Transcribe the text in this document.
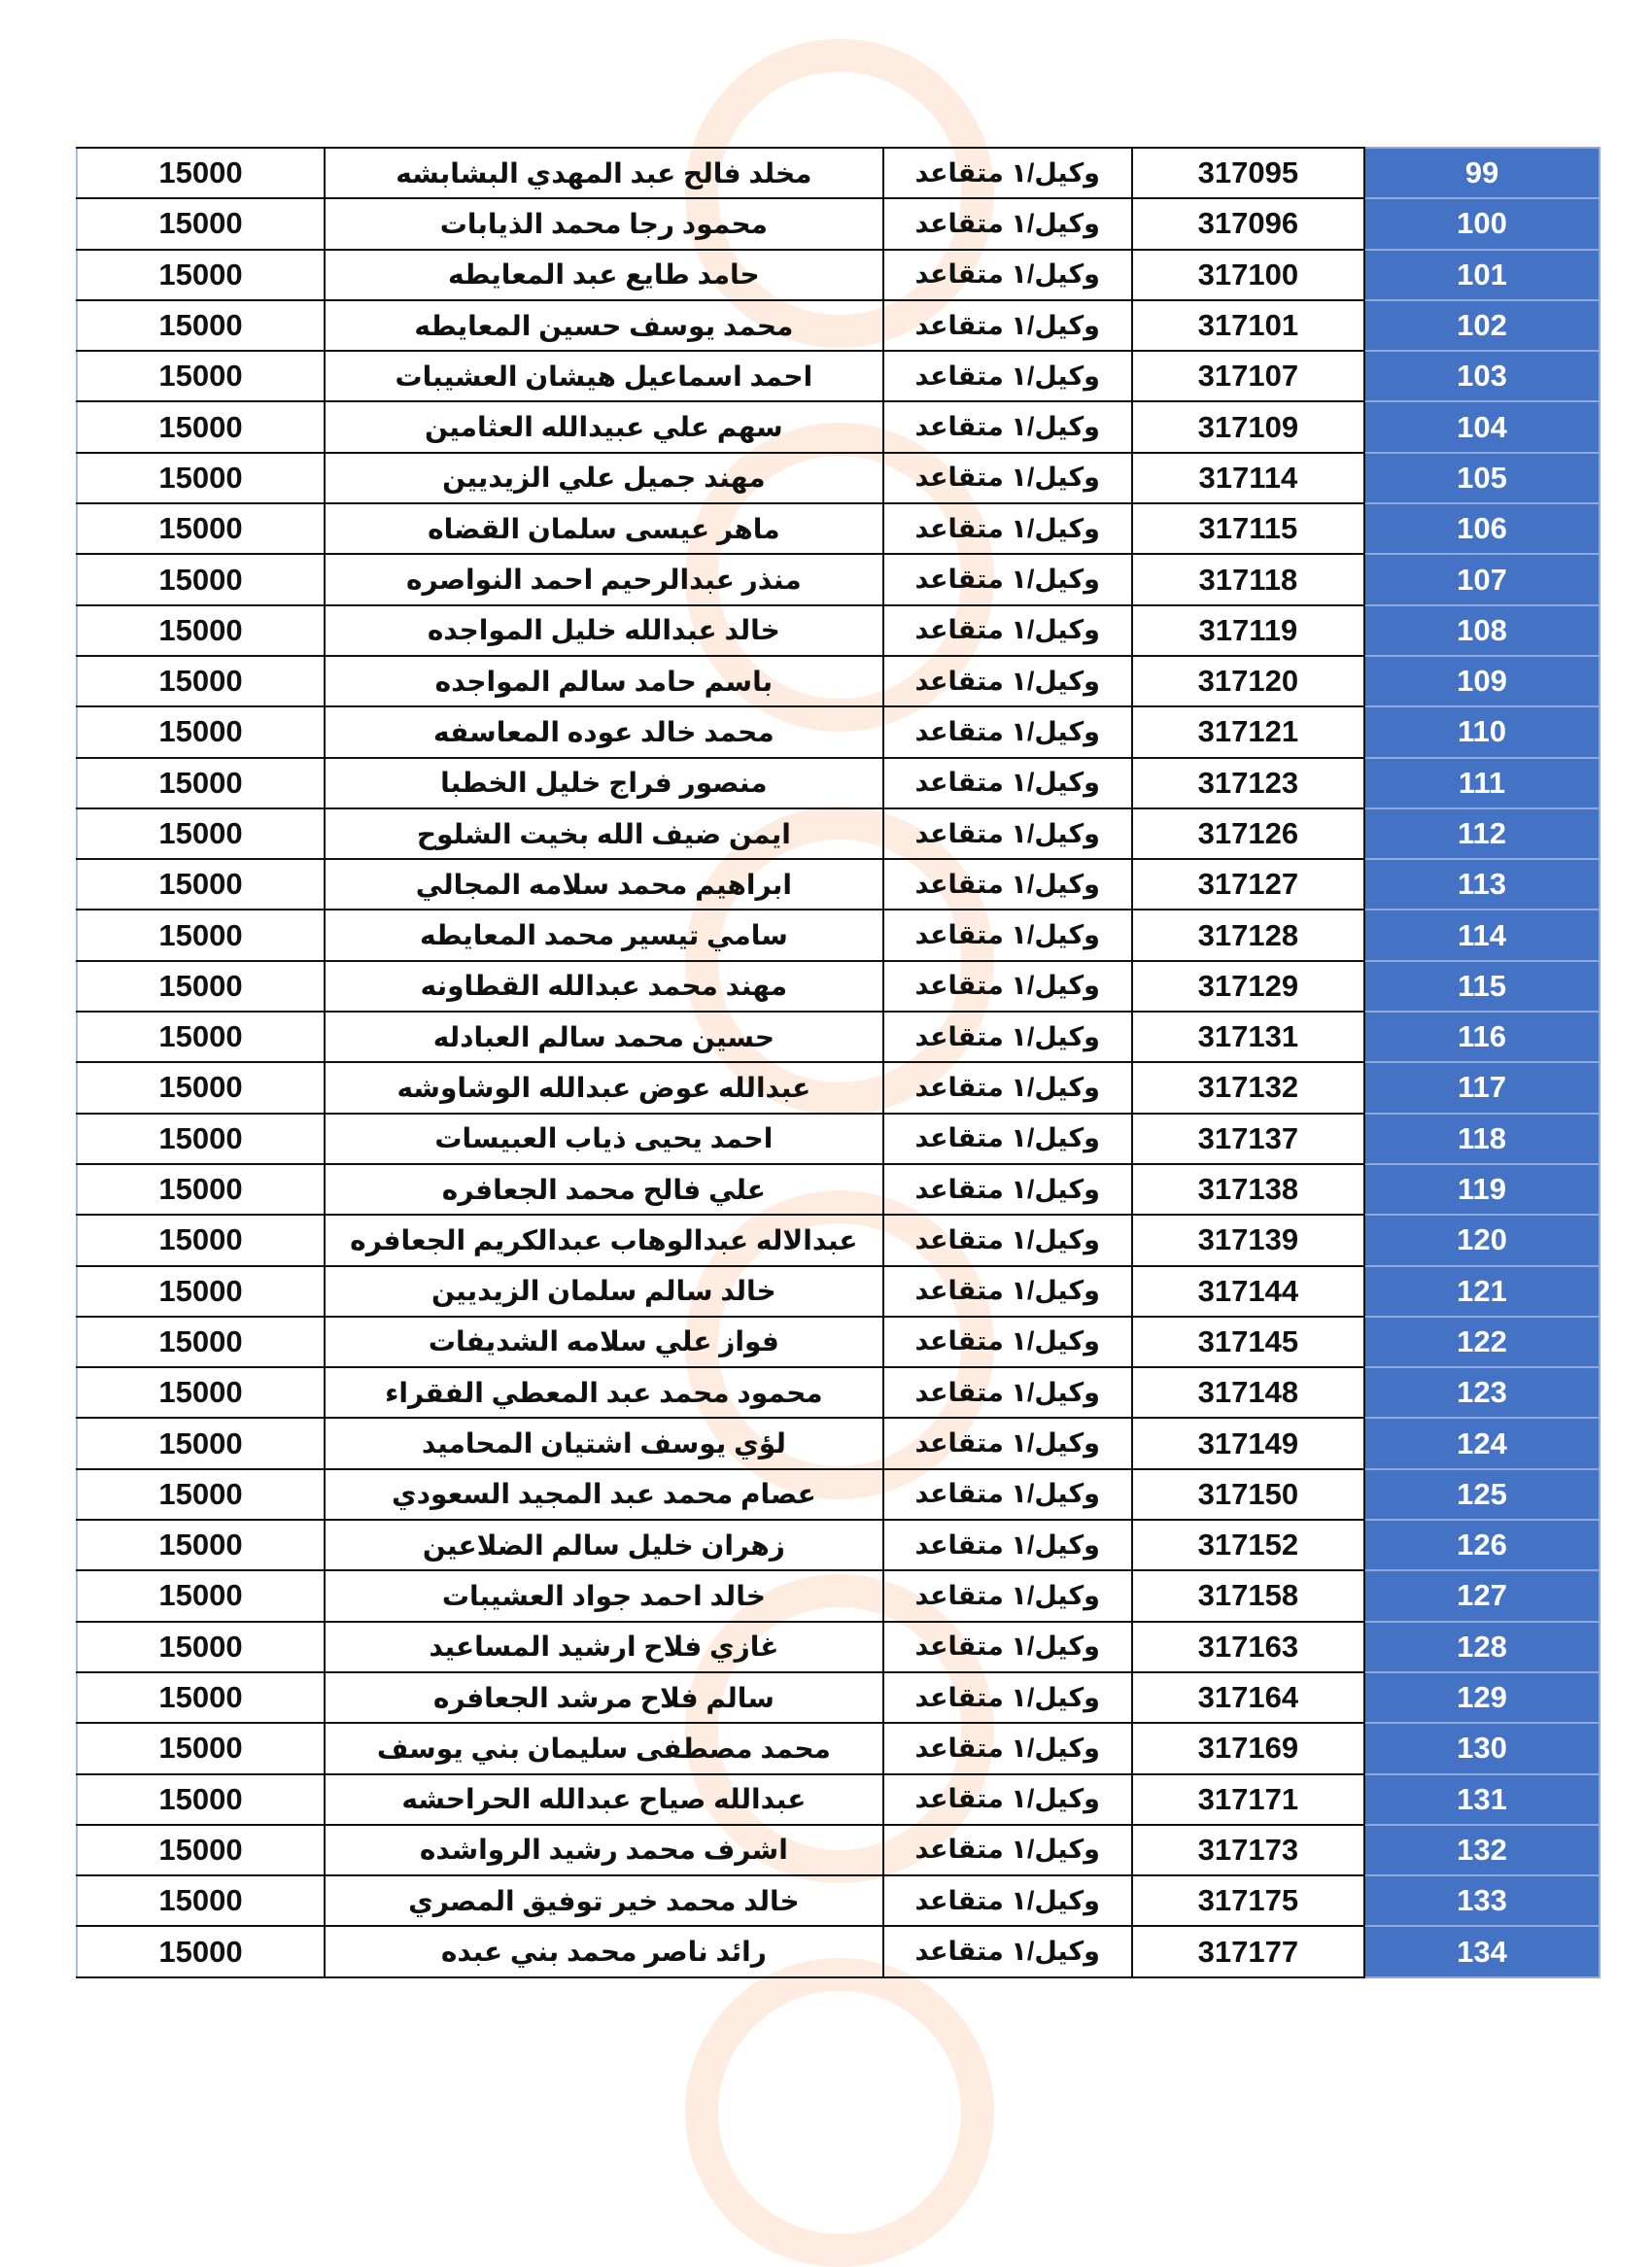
15000	مخلد فالح عبد المهدي البشابشه	وكيل/١ متقاعد	317095	99
15000	محمود رجا محمد الذيابات	وكيل/١ متقاعد	317096	100
15000	حامد طايع عبد المعايطه	وكيل/١ متقاعد	317100	101
15000	محمد يوسف حسين المعايطه	وكيل/١ متقاعد	317101	102
15000	احمد اسماعيل هيشان العشيبات	وكيل/١ متقاعد	317107	103
15000	سهم علي عبيدالله العثامين	وكيل/١ متقاعد	317109	104
15000	مهند جميل علي الزيديين	وكيل/١ متقاعد	317114	105
15000	ماهر عيسى سلمان القضاه	وكيل/١ متقاعد	317115	106
15000	منذر عبدالرحيم احمد النواصره	وكيل/١ متقاعد	317118	107
15000	خالد عبدالله خليل المواجده	وكيل/١ متقاعد	317119	108
15000	باسم حامد سالم المواجده	وكيل/١ متقاعد	317120	109
15000	محمد خالد عوده المعاسفه	وكيل/١ متقاعد	317121	110
15000	منصور فراج خليل الخطبا	وكيل/١ متقاعد	317123	111
15000	ايمن ضيف الله بخيت الشلوح	وكيل/١ متقاعد	317126	112
15000	ابراهيم محمد سلامه المجالي	وكيل/١ متقاعد	317127	113
15000	سامي تيسير محمد المعايطه	وكيل/١ متقاعد	317128	114
15000	مهند محمد عبدالله القطاونه	وكيل/١ متقاعد	317129	115
15000	حسين محمد سالم العبادله	وكيل/١ متقاعد	317131	116
15000	عبدالله عوض عبدالله الوشاوشه	وكيل/١ متقاعد	317132	117
15000	احمد يحيى ذياب العبيسات	وكيل/١ متقاعد	317137	118
15000	علي فالح محمد الجعافره	وكيل/١ متقاعد	317138	119
15000	عبدالاله عبدالوهاب عبدالكريم الجعافره	وكيل/١ متقاعد	317139	120
15000	خالد سالم سلمان الزيديين	وكيل/١ متقاعد	317144	121
15000	فواز علي سلامه الشديفات	وكيل/١ متقاعد	317145	122
15000	محمود محمد عبد المعطي الفقراء	وكيل/١ متقاعد	317148	123
15000	لؤي يوسف اشتيان المحاميد	وكيل/١ متقاعد	317149	124
15000	عصام محمد عبد المجيد السعودي	وكيل/١ متقاعد	317150	125
15000	زهران خليل سالم الضلاعين	وكيل/١ متقاعد	317152	126
15000	خالد احمد جواد العشيبات	وكيل/١ متقاعد	317158	127
15000	غازي فلاح ارشيد المساعيد	وكيل/١ متقاعد	317163	128
15000	سالم فلاح مرشد الجعافره	وكيل/١ متقاعد	317164	129
15000	محمد مصطفى سليمان بني يوسف	وكيل/١ متقاعد	317169	130
15000	عبدالله صياح عبدالله الحراحشه	وكيل/١ متقاعد	317171	131
15000	اشرف محمد رشيد الرواشده	وكيل/١ متقاعد	317173	132
15000	خالد محمد خير توفيق المصري	وكيل/١ متقاعد	317175	133
15000	رائد ناصر محمد بني عبده	وكيل/١ متقاعد	317177	134
